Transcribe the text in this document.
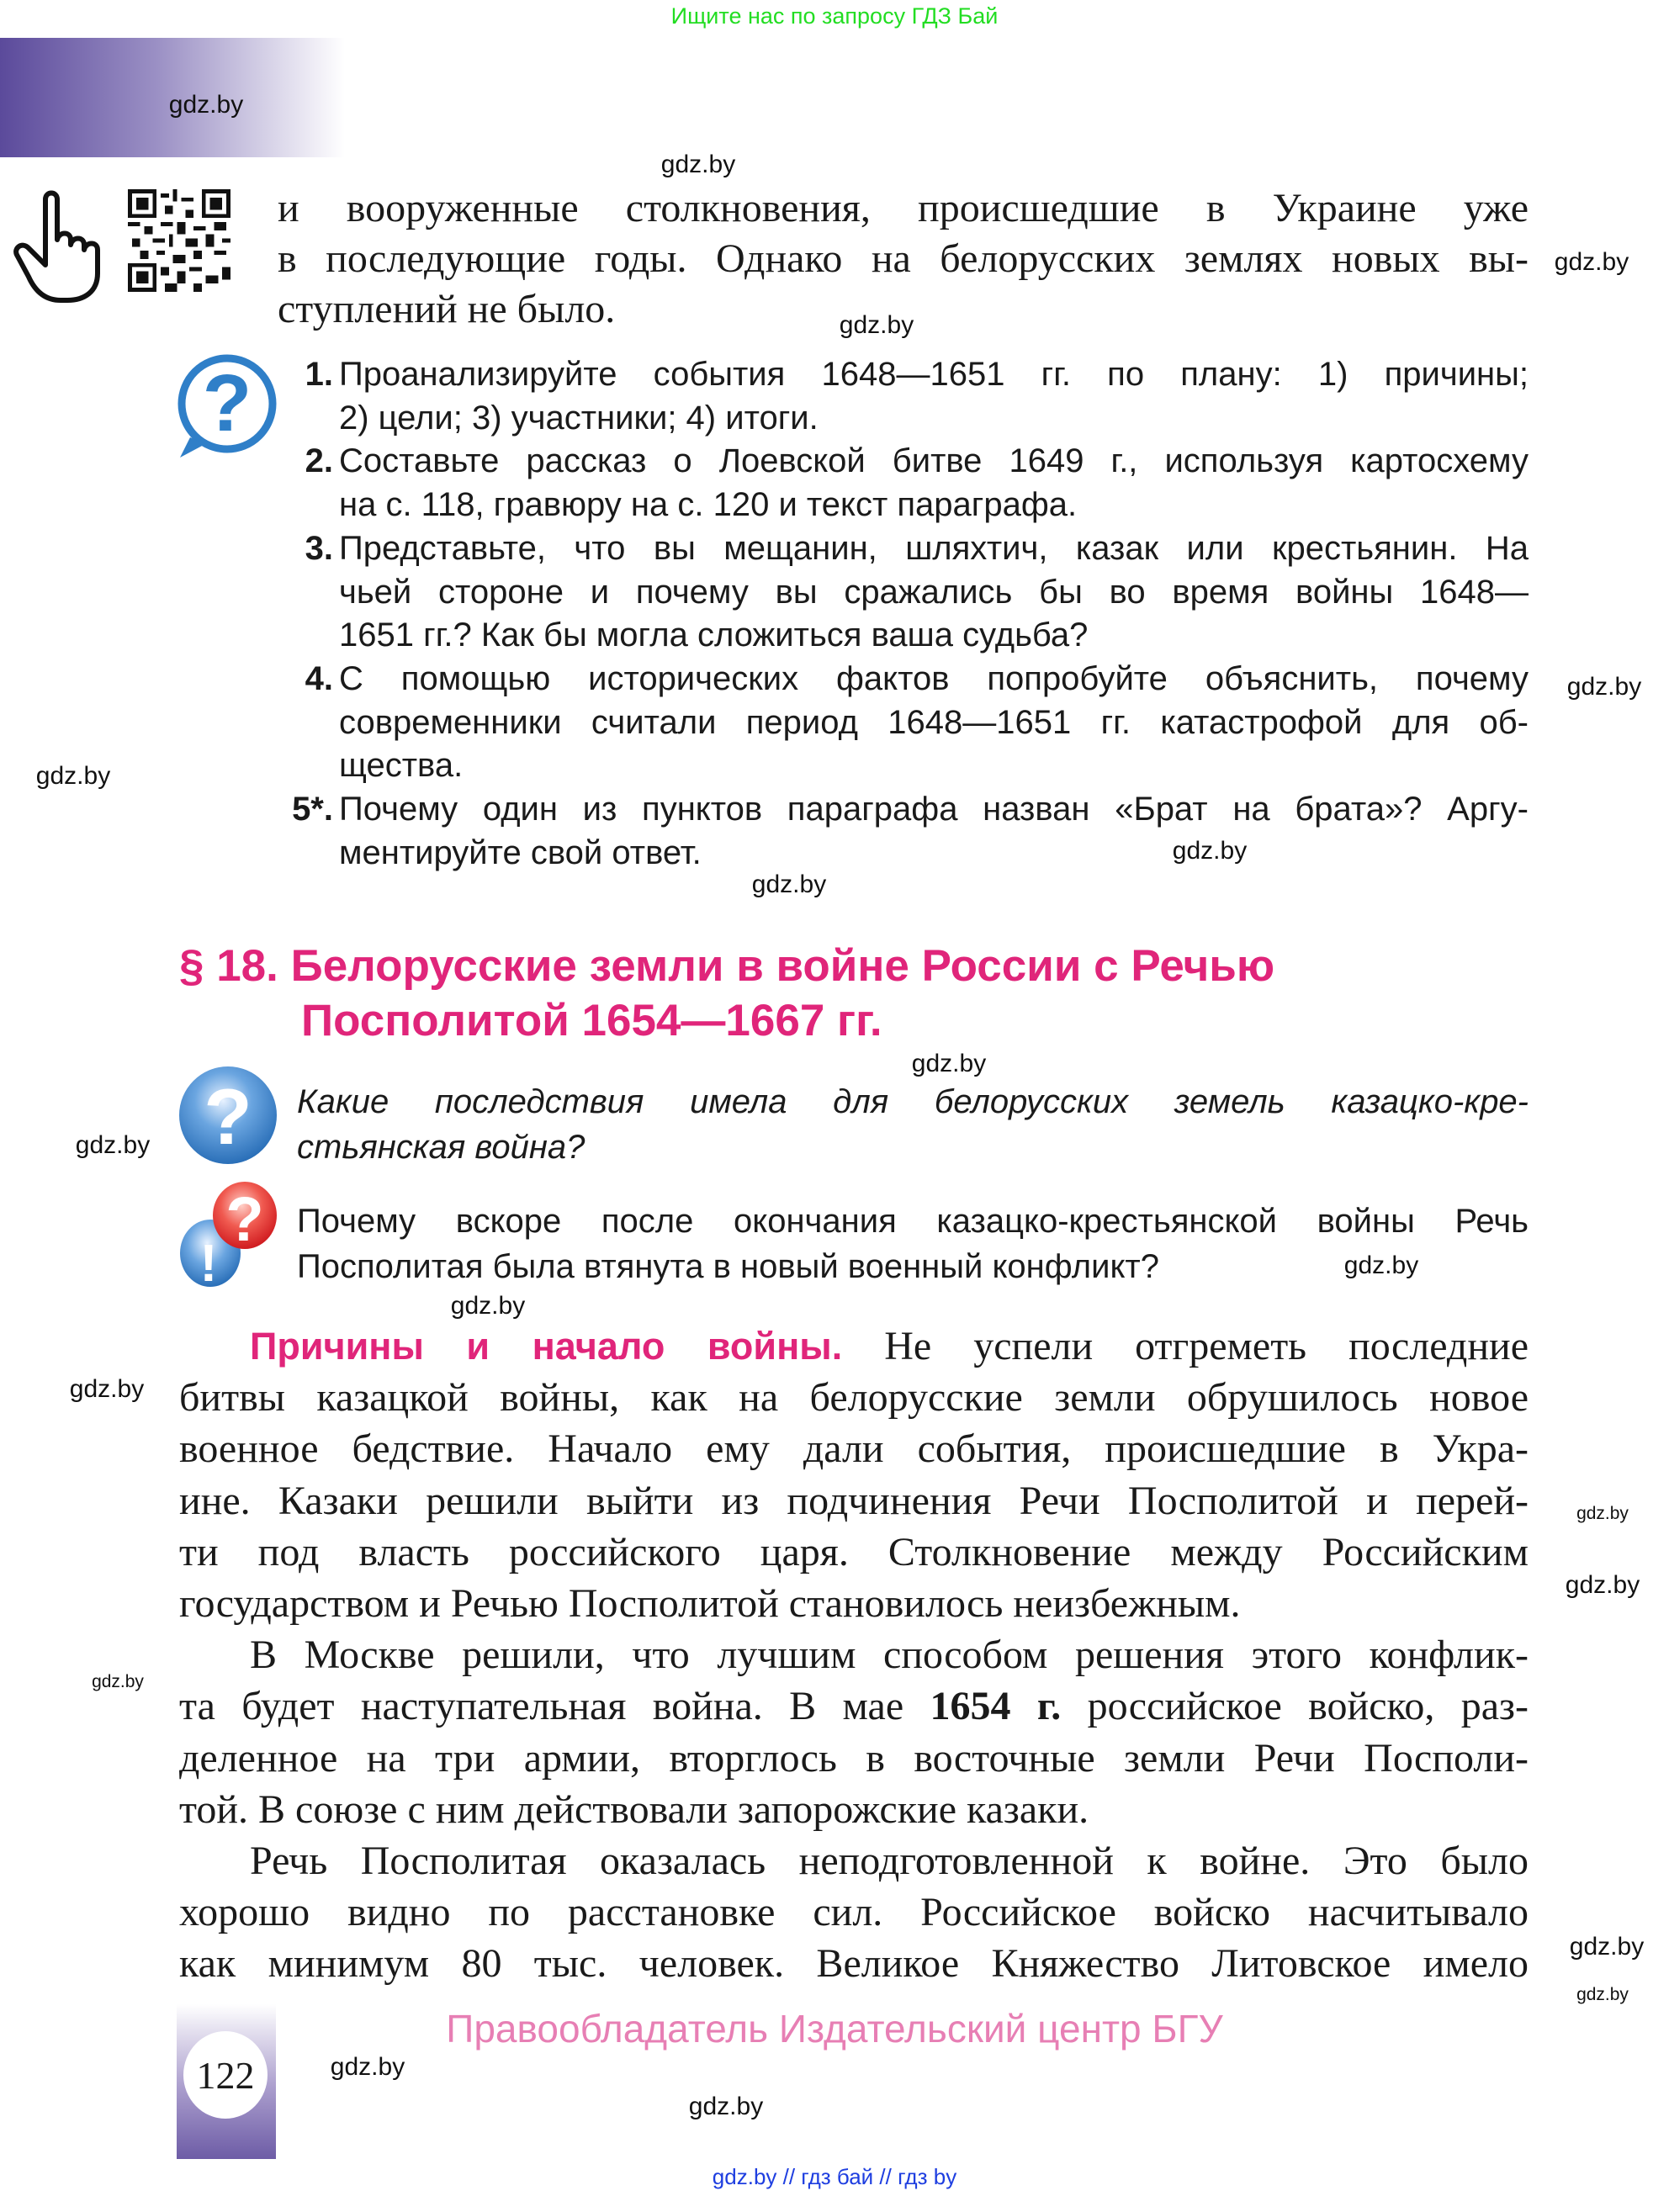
Ищите нас по запросу ГДЗ Бай
и вооруженные столкновения, происшедшие в Украине уже
в последующие годы. Однако на белорусских землях новых вы-
ступлений не было.
? 1. Проанализируйте события 1648—1651 гг. по плану: 1) причины;
2) цели; 3) участники; 4) итоги.
2. Составьте рассказ о Лоевской битве 1649 г., используя картосхему
на с. 118, гравюру на с. 120 и текст параграфа.
3. Представьте, что вы мещанин, шляхтич, казак или крестьянин. На
чьей стороне и почему вы сражались бы во время войны 1648—
1651 гг.? Как бы могла сложиться ваша судьба?
4. С помощью исторических фактов попробуйте объяснить, почему
современники считали период 1648—1651 гг. катастрофой для об-
щества.
5*. Почему один из пунктов параграфа назван «Брат на брата»? Аргу-
ментируйте свой ответ.
§ 18. Белорусские земли в войне России с Речью
Посполитой 1654—1667 гг.
? Какие последствия имела для белорусских земель казацко-кре-
стьянская война?
!
? Почему вскоре после окончания казацко-крестьянской войны Речь
Посполитая была втянута в новый военный конфликт?
Причины и начало войны. Не успели отгреметь последние
битвы казацкой войны, как на белорусские земли обрушилось новое
военное бедствие. Начало ему дали события, происшедшие в Укра-
ине. Казаки решили выйти из подчинения Речи Посполитой и перей-
ти под власть российского царя. Столкновение между Российским
государством и Речью Посполитой становилось неизбежным.
В Москве решили, что лучшим способом решения этого конфлик-
та будет наступательная война. В мае 1654 г. российское войско, раз-
деленное на три армии, вторглось в восточные земли Речи Посполи-
той. В союзе с ним действовали запорожские казаки.
Речь Посполитая оказалась неподготовленной к войне. Это было
хорошо видно по расстановке сил. Российское войско насчитывало
как минимум 80 тыс. человек. Великое Княжество Литовское имело
122
Правообладатель Издательский центр БГУ
gdz.by // гдз бай // гдз by
gdz.by
gdz.by
gdz.by
gdz.by
gdz.by
gdz.by
gdz.by
gdz.by
gdz.by
gdz.by
gdz.by
gdz.by
gdz.by
gdz.by
gdz.by
gdz.by
gdz.by
gdz.by
gdz.by
gdz.by
